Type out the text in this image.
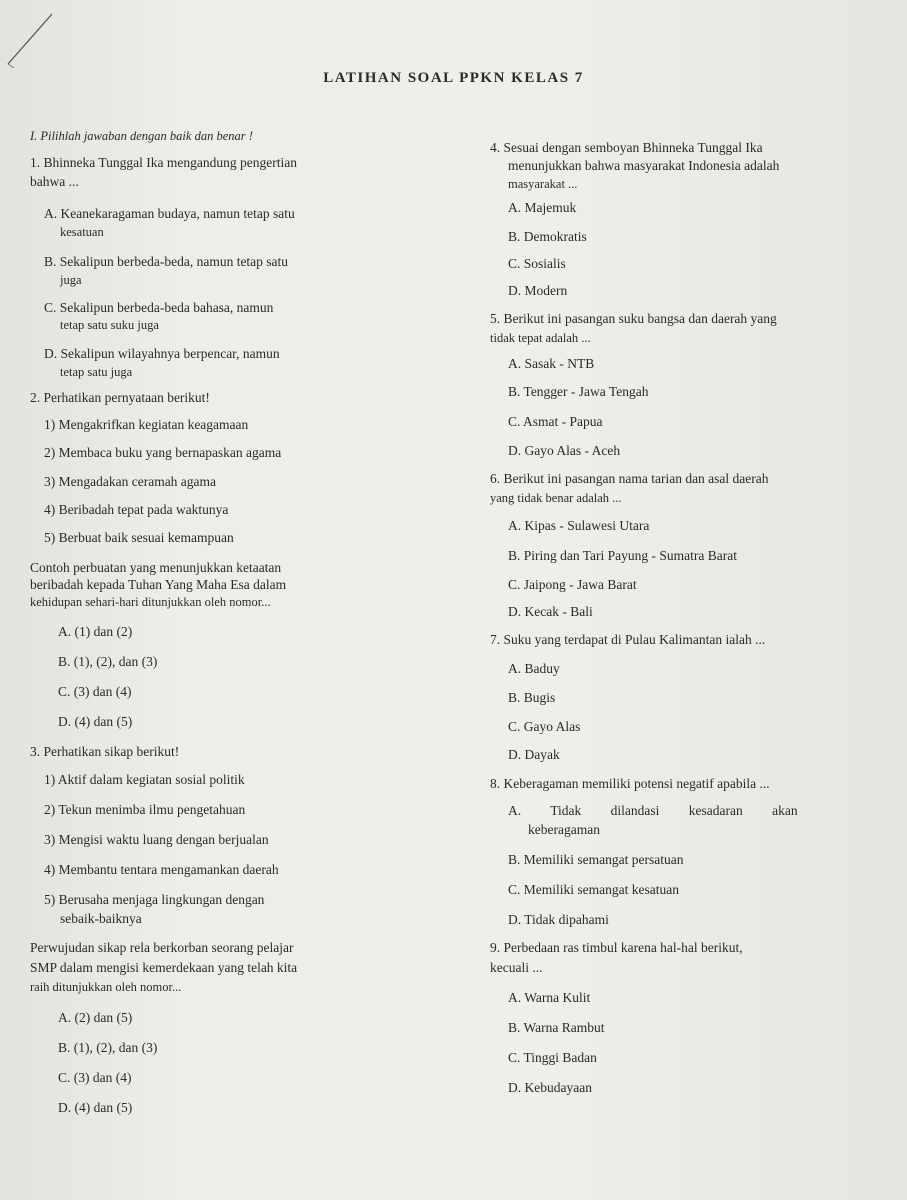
LATIHAN SOAL PPKN KELAS 7
I. Pilihlah jawaban dengan baik dan benar !
1. Bhinneka Tunggal Ika mengandung pengertian
bahwa ...
A. Keanekaragaman budaya, namun tetap satu
kesatuan
B. Sekalipun berbeda-beda, namun tetap satu
juga
C. Sekalipun berbeda-beda bahasa, namun
tetap satu suku juga
D. Sekalipun wilayahnya berpencar, namun
tetap satu juga
2. Perhatikan pernyataan berikut!
1) Mengakrifkan kegiatan keagamaan
2) Membaca buku yang bernapaskan agama
3) Mengadakan ceramah agama
4) Beribadah tepat pada waktunya
5) Berbuat baik sesuai kemampuan
Contoh perbuatan yang menunjukkan ketaatan
beribadah kepada Tuhan Yang Maha Esa dalam
kehidupan sehari-hari ditunjukkan oleh nomor...
A. (1) dan (2)
B. (1), (2), dan (3)
C. (3) dan (4)
D. (4) dan (5)
3. Perhatikan sikap berikut!
1) Aktif dalam kegiatan sosial politik
2) Tekun menimba ilmu pengetahuan
3) Mengisi waktu luang dengan berjualan
4) Membantu tentara mengamankan daerah
5) Berusaha menjaga lingkungan dengan
sebaik-baiknya
Perwujudan sikap rela berkorban seorang pelajar
SMP dalam mengisi kemerdekaan yang telah kita
raih ditunjukkan oleh nomor...
A. (2) dan (5)
B. (1), (2), dan (3)
C. (3) dan (4)
D. (4) dan (5)
4. Sesuai dengan semboyan Bhinneka Tunggal Ika
menunjukkan bahwa masyarakat Indonesia adalah
masyarakat ...
A. Majemuk
B. Demokratis
C. Sosialis
D. Modern
5. Berikut ini pasangan suku bangsa dan daerah yang
tidak tepat adalah ...
A. Sasak - NTB
B. Tengger - Jawa Tengah
C. Asmat - Papua
D. Gayo Alas - Aceh
6. Berikut ini pasangan nama tarian dan asal daerah
yang tidak benar adalah ...
A. Kipas - Sulawesi Utara
B. Piring dan Tari Payung - Sumatra Barat
C. Jaipong - Jawa Barat
D. Kecak - Bali
7. Suku yang terdapat di Pulau Kalimantan ialah ...
A. Baduy
B. Bugis
C. Gayo Alas
D. Dayak
8. Keberagaman memiliki potensi negatif apabila ...
A. Tidak dilandasi kesadaran akan
keberagaman
B. Memiliki semangat persatuan
C. Memiliki semangat kesatuan
D. Tidak dipahami
9. Perbedaan ras timbul karena hal-hal berikut,
kecuali ...
A. Warna Kulit
B. Warna Rambut
C. Tinggi Badan
D. Kebudayaan
